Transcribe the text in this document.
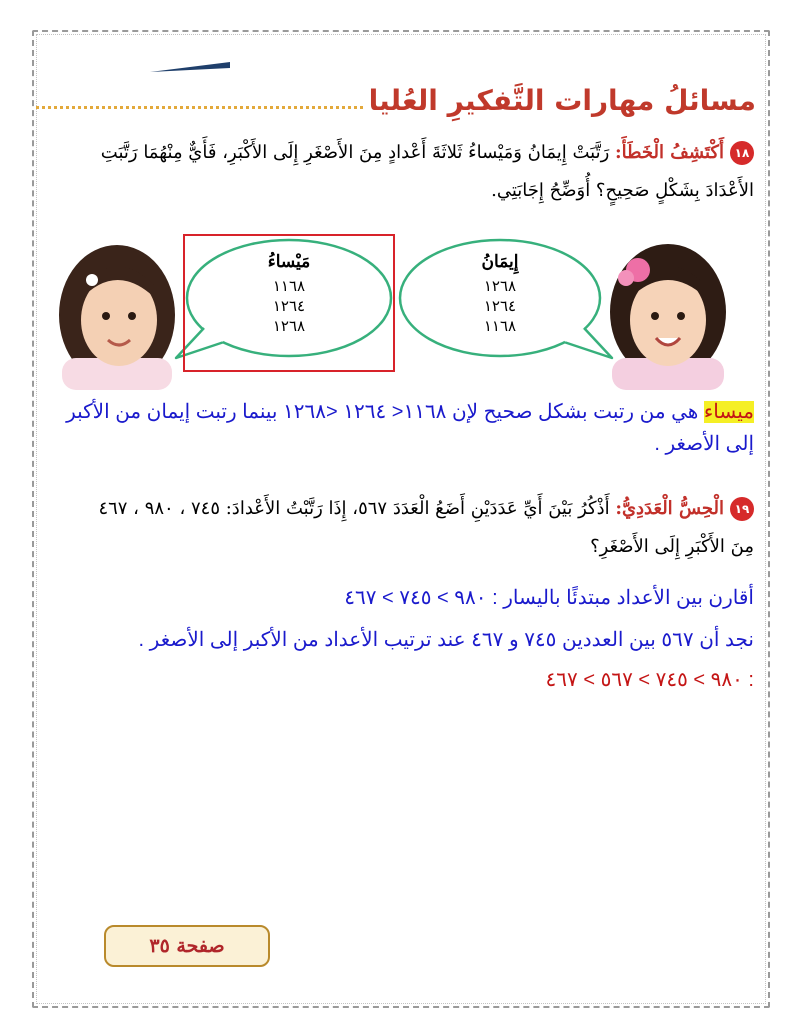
مسائلُ مهارات التَّفكيرِ العُليا
١٨أَكْتَشِفُ الْخَطَأَ: رَتَّبَتْ إِيمَانُ وَمَيْساءُ ثَلاثَةَ أَعْدادٍ مِنَ الأَصْغَرِ إِلَى الأَكْبَرِ، فَأَيٌّ مِنْهُمَا رَتَّبَتِ
الأَعْدَادَ بِشَكْلٍ صَحِيحٍ؟ أُوَضِّحُ إِجَابَتِي.
مَيْساءُ
١١٦٨
١٢٦٤
١٢٦٨
إِيمَانُ
١٢٦٨
١٢٦٤
١١٦٨
ميساء هي من رتبت بشكل صحيح لإن ١١٦٨< ١٢٦٤ <١٢٦٨ بينما رتبت إيمان من الأكبر إلى الأصغر .
١٩الْحِسُّ الْعَدَدِيُّ: أَذْكُرُ بَيْنَ أَيِّ عَدَدَيْنِ أَضَعُ الْعَدَدَ ٥٦٧، إِذَا رَتَّبْتُ الأَعْدادَ: ٧٤٥ ، ٩٨٠ ، ٤٦٧
مِنَ الأَكْبَرِ إِلَى الأَصْغَرِ؟
أقارن بين الأعداد مبتدئًا باليسار : ٩٨٠ > ٧٤٥ > ٤٦٧
نجد أن ٥٦٧ بين العددين ٧٤٥ و ٤٦٧ عند ترتيب الأعداد من الأكبر إلى الأصغر .
: ٩٨٠ > ٧٤٥ > ٥٦٧ > ٤٦٧
صفحة ٣٥
